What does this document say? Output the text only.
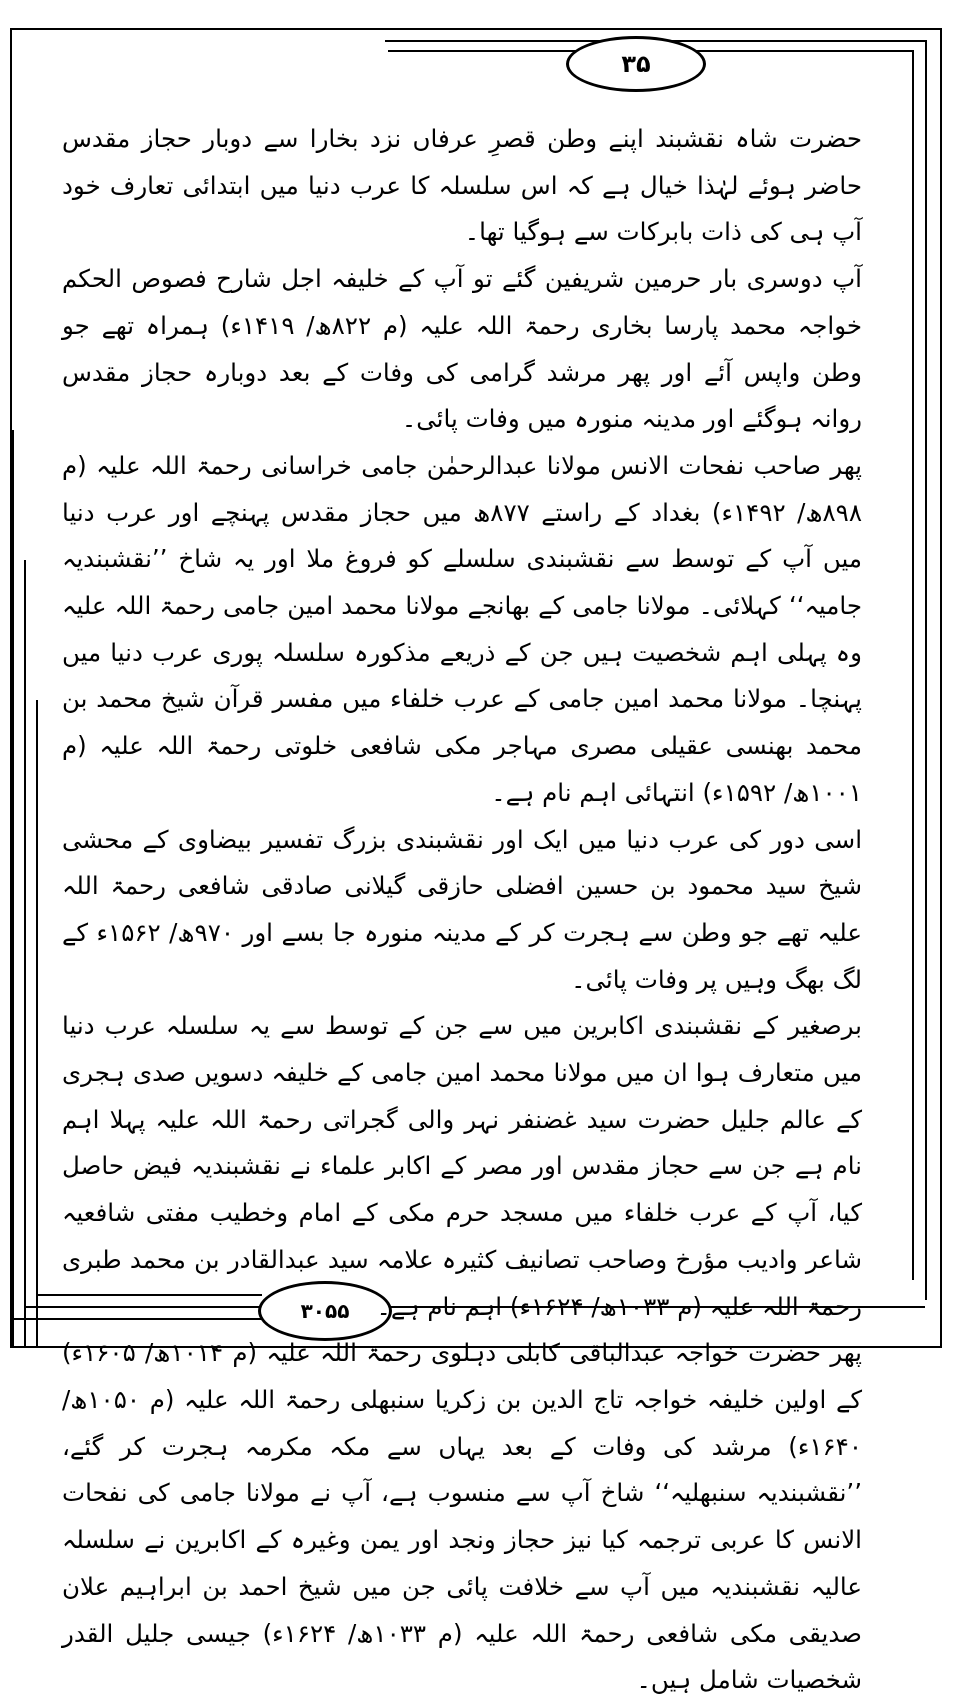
۳۵
۳۰۵۵

حضرت شاہ نقشبند اپنے وطن قصرِ عرفاں نزد بخارا سے دوبار حجاز مقدس حاضر ہوئے لہٰذا خیال ہے کہ اس سلسلہ کا عرب دنیا میں ابتدائی تعارف خود آپ ہی کی ذات بابرکات سے ہوگیا تھا۔

آپ دوسری بار حرمین شریفین گئے تو آپ کے خلیفہ اجل شارح فصوص الحکم خواجہ محمد پارسا بخاری رحمۃ اللہ علیہ (م ۸۲۲ھ/ ۱۴۱۹ء) ہمراہ تھے جو وطن واپس آئے اور پھر مرشد گرامی کی وفات کے بعد دوبارہ حجاز مقدس روانہ ہوگئے اور مدینہ منورہ میں وفات پائی۔

پھر صاحب نفحات الانس مولانا عبدالرحمٰن جامی خراسانی رحمۃ اللہ علیہ (م ۸۹۸ھ/ ۱۴۹۲ء) بغداد کے راستے ۸۷۷ھ میں حجاز مقدس پہنچے اور عرب دنیا میں آپ کے توسط سے نقشبندی سلسلے کو فروغ ملا اور یہ شاخ ’’نقشبندیہ جامیہ‘‘ کہلائی۔ مولانا جامی کے بھانجے مولانا محمد امین جامی رحمۃ اللہ علیہ وہ پہلی اہم شخصیت ہیں جن کے ذریعے مذکورہ سلسلہ پوری عرب دنیا میں پہنچا۔ مولانا محمد امین جامی کے عرب خلفاء میں مفسر قرآن شیخ محمد بن محمد بھنسی عقیلی مصری مہاجر مکی شافعی خلوتی رحمۃ اللہ علیہ (م ۱۰۰۱ھ/ ۱۵۹۲ء) انتہائی اہم نام ہے۔

اسی دور کی عرب دنیا میں ایک اور نقشبندی بزرگ تفسیر بیضاوی کے محشی شیخ سید محمود بن حسین افضلی حازقی گیلانی صادقی شافعی رحمۃ اللہ علیہ تھے جو وطن سے ہجرت کر کے مدینہ منورہ جا بسے اور ۹۷۰ھ/ ۱۵۶۲ء کے لگ بھگ وہیں پر وفات پائی۔

برصغیر کے نقشبندی اکابرین میں سے جن کے توسط سے یہ سلسلہ عرب دنیا میں متعارف ہوا ان میں مولانا محمد امین جامی کے خلیفہ دسویں صدی ہجری کے عالم جلیل حضرت سید غضنفر نہر والی گجراتی رحمۃ اللہ علیہ پہلا اہم نام ہے جن سے حجاز مقدس اور مصر کے اکابر علماء نے نقشبندیہ فیض حاصل کیا، آپ کے عرب خلفاء میں مسجد حرم مکی کے امام وخطیب مفتی شافعیہ شاعر وادیب مؤرخ وصاحب تصانیف کثیرہ علامہ سید عبدالقادر بن محمد طبری رحمۃ اللہ علیہ (م ۱۰۳۳ھ/ ۱۶۲۴ء) اہم نام ہے۔

پھر حضرت خواجہ عبدالباقی کابلی دہلوی رحمۃ اللہ علیہ (م ۱۰۱۴ھ/ ۱۶۰۵ء) کے اولین خلیفہ خواجہ تاج الدین بن زکریا سنبھلی رحمۃ اللہ علیہ (م ۱۰۵۰ھ/ ۱۶۴۰ء) مرشد کی وفات کے بعد یہاں سے مکہ مکرمہ ہجرت کر گئے، ’’نقشبندیہ سنبھلیہ‘‘ شاخ آپ سے منسوب ہے، آپ نے مولانا جامی کی نفحات الانس کا عربی ترجمہ کیا نیز حجاز ونجد اور یمن وغیرہ کے اکابرین نے سلسلہ عالیہ نقشبندیہ میں آپ سے خلافت پائی جن میں شیخ احمد بن ابراہیم علان صدیقی مکی شافعی رحمۃ اللہ علیہ (م ۱۰۳۳ھ/ ۱۶۲۴ء) جیسی جلیل القدر شخصیات شامل ہیں۔
